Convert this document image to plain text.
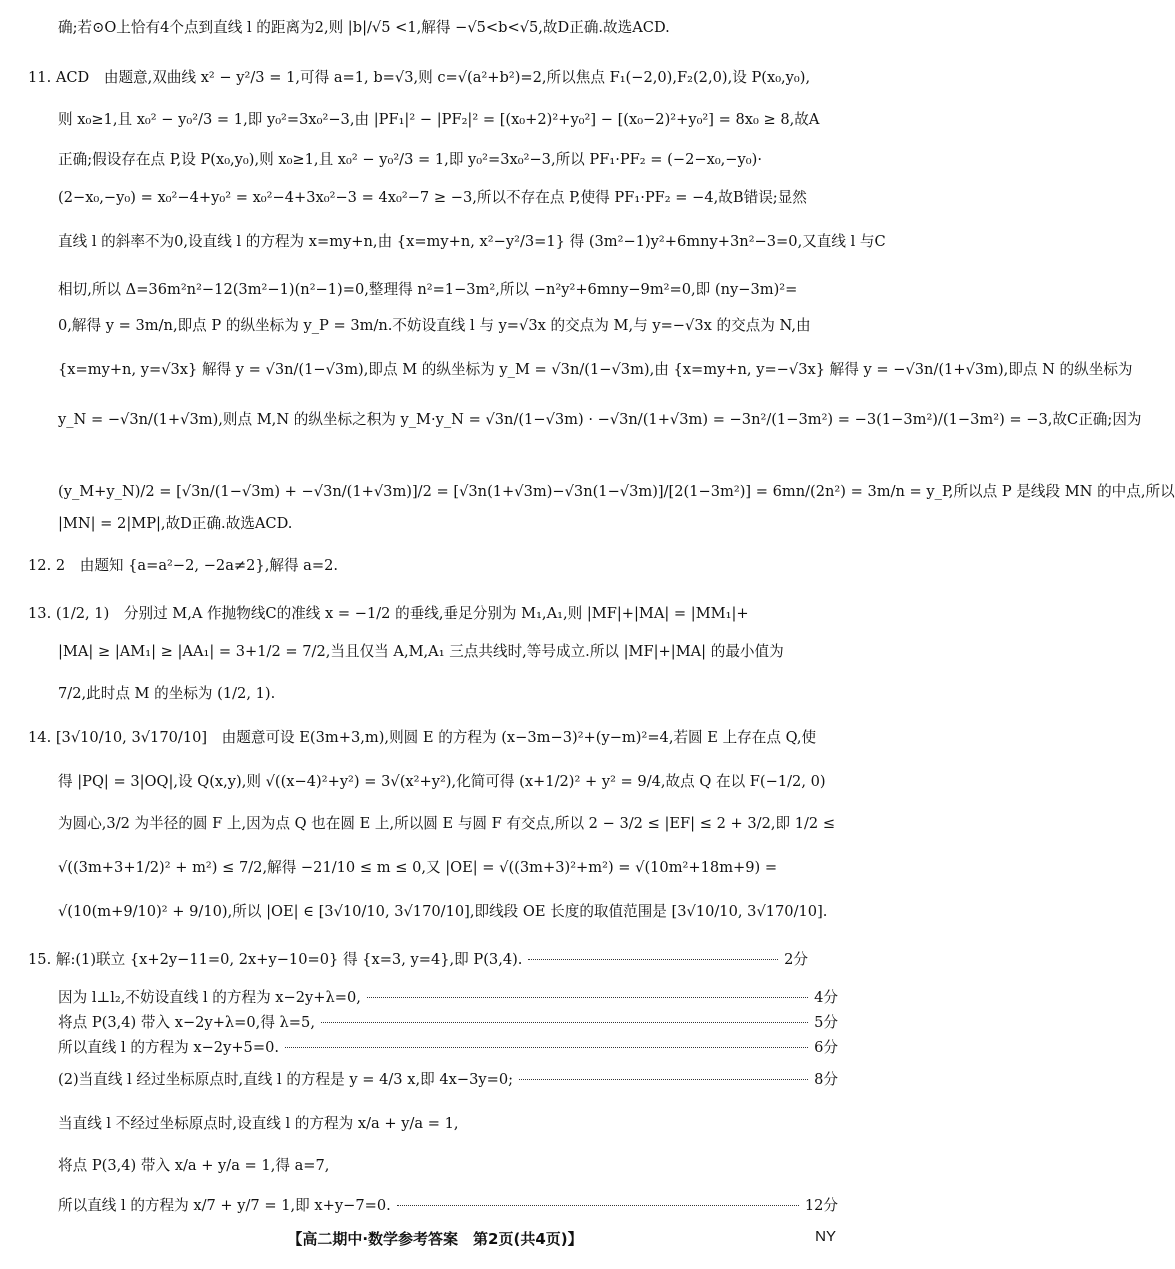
确;若⊙O上恰有4个点到直线 l 的距离为2,则 |b|/√5 <1,解得 −√5<b<√5,故D正确.故选ACD.
11. ACD　由题意,双曲线 x² − y²/3 = 1,可得 a=1, b=√3,则 c=√(a²+b²)=2,所以焦点 F₁(−2,0),F₂(2,0),设 P(x₀,y₀),
则 x₀≥1,且 x₀² − y₀²/3 = 1,即 y₀²=3x₀²−3,由 |PF₁|² − |PF₂|² = [(x₀+2)²+y₀²] − [(x₀−2)²+y₀²] = 8x₀ ≥ 8,故A
正确;假设存在点 P,设 P(x₀,y₀),则 x₀≥1,且 x₀² − y₀²/3 = 1,即 y₀²=3x₀²−3,所以 PF₁·PF₂ = (−2−x₀,−y₀)·
(2−x₀,−y₀) = x₀²−4+y₀² = x₀²−4+3x₀²−3 = 4x₀²−7 ≥ −3,所以不存在点 P,使得 PF₁·PF₂ = −4,故B错误;显然
直线 l 的斜率不为0,设直线 l 的方程为 x=my+n,由 {x=my+n, x²−y²/3=1} 得 (3m²−1)y²+6mny+3n²−3=0,又直线 l 与C
相切,所以 Δ=36m²n²−12(3m²−1)(n²−1)=0,整理得 n²=1−3m²,所以 −n²y²+6mny−9m²=0,即 (ny−3m)²=
0,解得 y = 3m/n,即点 P 的纵坐标为 y_P = 3m/n.不妨设直线 l 与 y=√3x 的交点为 M,与 y=−√3x 的交点为 N,由
{x=my+n, y=√3x} 解得 y = √3n/(1−√3m),即点 M 的纵坐标为 y_M = √3n/(1−√3m),由 {x=my+n, y=−√3x} 解得 y = −√3n/(1+√3m),即点 N 的纵坐标为
y_N = −√3n/(1+√3m),则点 M,N 的纵坐标之积为 y_M·y_N = √3n/(1−√3m) · −√3n/(1+√3m) = −3n²/(1−3m²) = −3(1−3m²)/(1−3m²) = −3,故C正确;因为
(y_M+y_N)/2 = [√3n/(1−√3m) + −√3n/(1+√3m)]/2 = [√3n(1+√3m)−√3n(1−√3m)]/[2(1−3m²)] = 6mn/(2n²) = 3m/n = y_P,所以点 P 是线段 MN 的中点,所以
|MN| = 2|MP|,故D正确.故选ACD.
12. 2　由题知 {a=a²−2, −2a≠2},解得 a=2.
13. (1/2, 1)　分别过 M,A 作抛物线C的准线 x = −1/2 的垂线,垂足分别为 M₁,A₁,则 |MF|+|MA| = |MM₁|+
|MA| ≥ |AM₁| ≥ |AA₁| = 3+1/2 = 7/2,当且仅当 A,M,A₁ 三点共线时,等号成立.所以 |MF|+|MA| 的最小值为
7/2,此时点 M 的坐标为 (1/2, 1).
14. [3√10/10, 3√170/10]　由题意可设 E(3m+3,m),则圆 E 的方程为 (x−3m−3)²+(y−m)²=4,若圆 E 上存在点 Q,使
得 |PQ| = 3|OQ|,设 Q(x,y),则 √((x−4)²+y²) = 3√(x²+y²),化简可得 (x+1/2)² + y² = 9/4,故点 Q 在以 F(−1/2, 0)
为圆心,3/2 为半径的圆 F 上,因为点 Q 也在圆 E 上,所以圆 E 与圆 F 有交点,所以 2 − 3/2 ≤ |EF| ≤ 2 + 3/2,即 1/2 ≤
√((3m+3+1/2)² + m²) ≤ 7/2,解得 −21/10 ≤ m ≤ 0,又 |OE| = √((3m+3)²+m²) = √(10m²+18m+9) =
√(10(m+9/10)² + 9/10),所以 |OE| ∈ [3√10/10, 3√170/10],即线段 OE 长度的取值范围是 [3√10/10, 3√170/10].
15. 解:(1)联立 {x+2y−11=0, 2x+y−10=0} 得 {x=3, y=4},即 P(3,4).	2分
因为 l⊥l₂,不妨设直线 l 的方程为 x−2y+λ=0,	4分
将点 P(3,4) 带入 x−2y+λ=0,得 λ=5,	5分
所以直线 l 的方程为 x−2y+5=0.	6分
(2)当直线 l 经过坐标原点时,直线 l 的方程是 y = 4/3 x,即 4x−3y=0;	8分
当直线 l 不经过坐标原点时,设直线 l 的方程为 x/a + y/a = 1,
将点 P(3,4) 带入 x/a + y/a = 1,得 a=7,
所以直线 l 的方程为 x/7 + y/7 = 1,即 x+y−7=0.	12分
【高二期中·数学参考答案　第2页(共4页)】	NY
